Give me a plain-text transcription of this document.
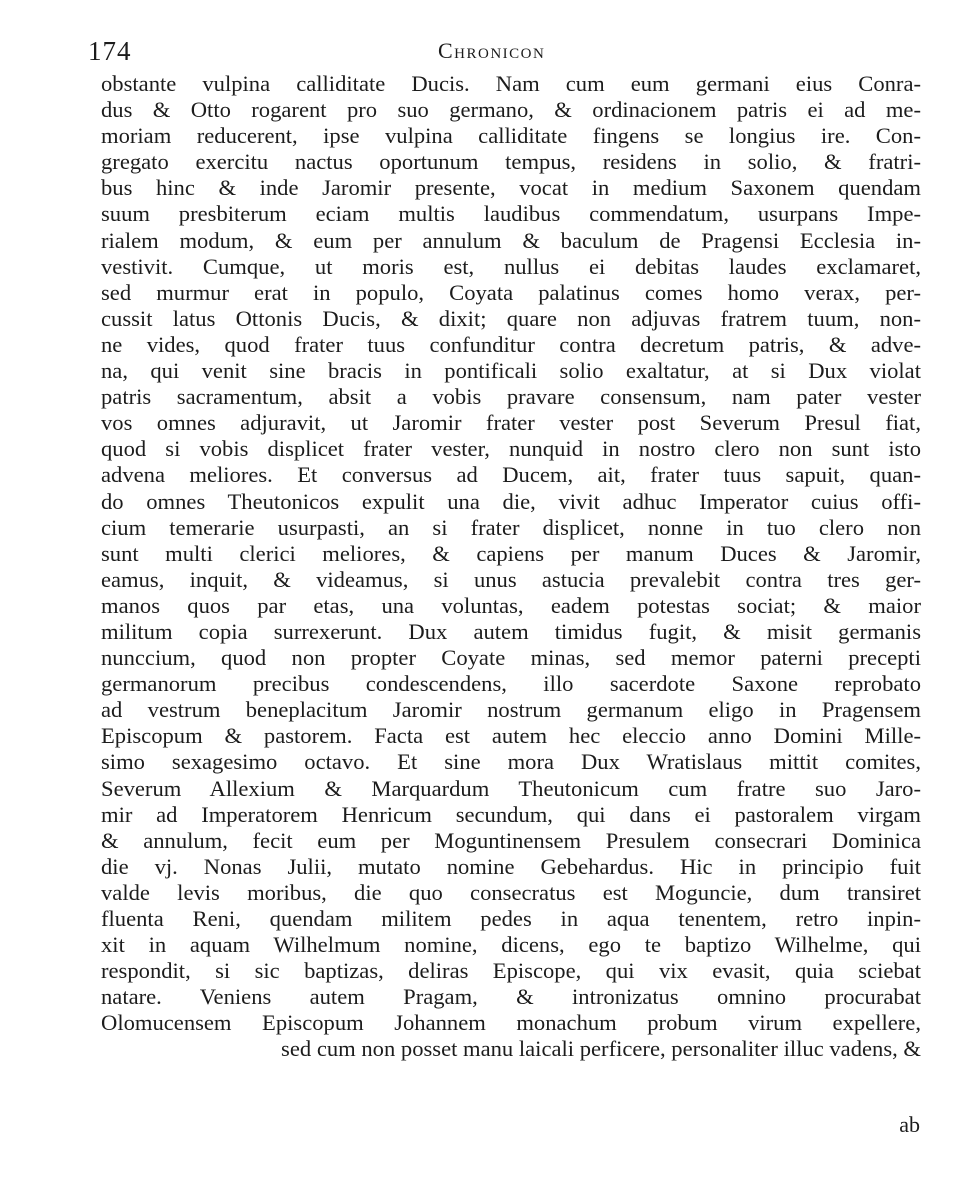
174	Chronicon
obstante vulpina calliditate Ducis. Nam cum eum germani eius Conra-
dus & Otto rogarent pro suo germano, & ordinacionem patris ei ad me-
moriam reducerent, ipse vulpina calliditate fingens se longius ire. Con-
gregato exercitu nactus oportunum tempus, residens in solio, & fratri-
bus hinc & inde Jaromir presente, vocat in medium Saxonem quendam
suum presbiterum eciam multis laudibus commendatum, usurpans Impe-
rialem modum, & eum per annulum & baculum de Pragensi Ecclesia in-
vestivit. Cumque, ut moris est, nullus ei debitas laudes exclamaret,
sed murmur erat in populo, Coyata palatinus comes homo verax, per-
cussit latus Ottonis Ducis, & dixit; quare non adjuvas fratrem tuum, non-
ne vides, quod frater tuus confunditur contra decretum patris, & adve-
na, qui venit sine bracis in pontificali solio exaltatur, at si Dux violat
patris sacramentum, absit a vobis pravare consensum, nam pater vester
vos omnes adjuravit, ut Jaromir frater vester post Severum Presul fiat,
quod si vobis displicet frater vester, nunquid in nostro clero non sunt isto
advena meliores. Et conversus ad Ducem, ait, frater tuus sapuit, quan-
do omnes Theutonicos expulit una die, vivit adhuc Imperator cuius offi-
cium temerarie usurpasti, an si frater displicet, nonne in tuo clero non
sunt multi clerici meliores, & capiens per manum Duces & Jaromir,
eamus, inquit, & videamus, si unus astucia prevalebit contra tres ger-
manos quos par etas, una voluntas, eadem potestas sociat; & maior
militum copia surrexerunt. Dux autem timidus fugit, & misit germanis
nunccium, quod non propter Coyate minas, sed memor paterni precepti
germanorum precibus condescendens, illo sacerdote Saxone reprobato
ad vestrum beneplacitum Jaromir nostrum germanum eligo in Pragensem
Episcopum & pastorem. Facta est autem hec eleccio anno Domini Mille-
simo sexagesimo octavo. Et sine mora Dux Wratislaus mittit comites,
Severum Allexium & Marquardum Theutonicum cum fratre suo Jaro-
mir ad Imperatorem Henricum secundum, qui dans ei pastoralem virgam
& annulum, fecit eum per Moguntinensem Presulem consecrari Dominica
die vj. Nonas Julii, mutato nomine Gebehardus. Hic in principio fuit
valde levis moribus, die quo consecratus est Moguncie, dum transiret
fluenta Reni, quendam militem pedes in aqua tenentem, retro inpin-
xit in aquam Wilhelmum nomine, dicens, ego te baptizo Wilhelme, qui
respondit, si sic baptizas, deliras Episcope, qui vix evasit, quia sciebat
natare. Veniens autem Pragam, & intronizatus omnino procurabat
Olomucensem Episcopum Johannem monachum probum virum expellere,
sed cum non posset manu laicali perficere, personaliter illuc vadens, &
ab
